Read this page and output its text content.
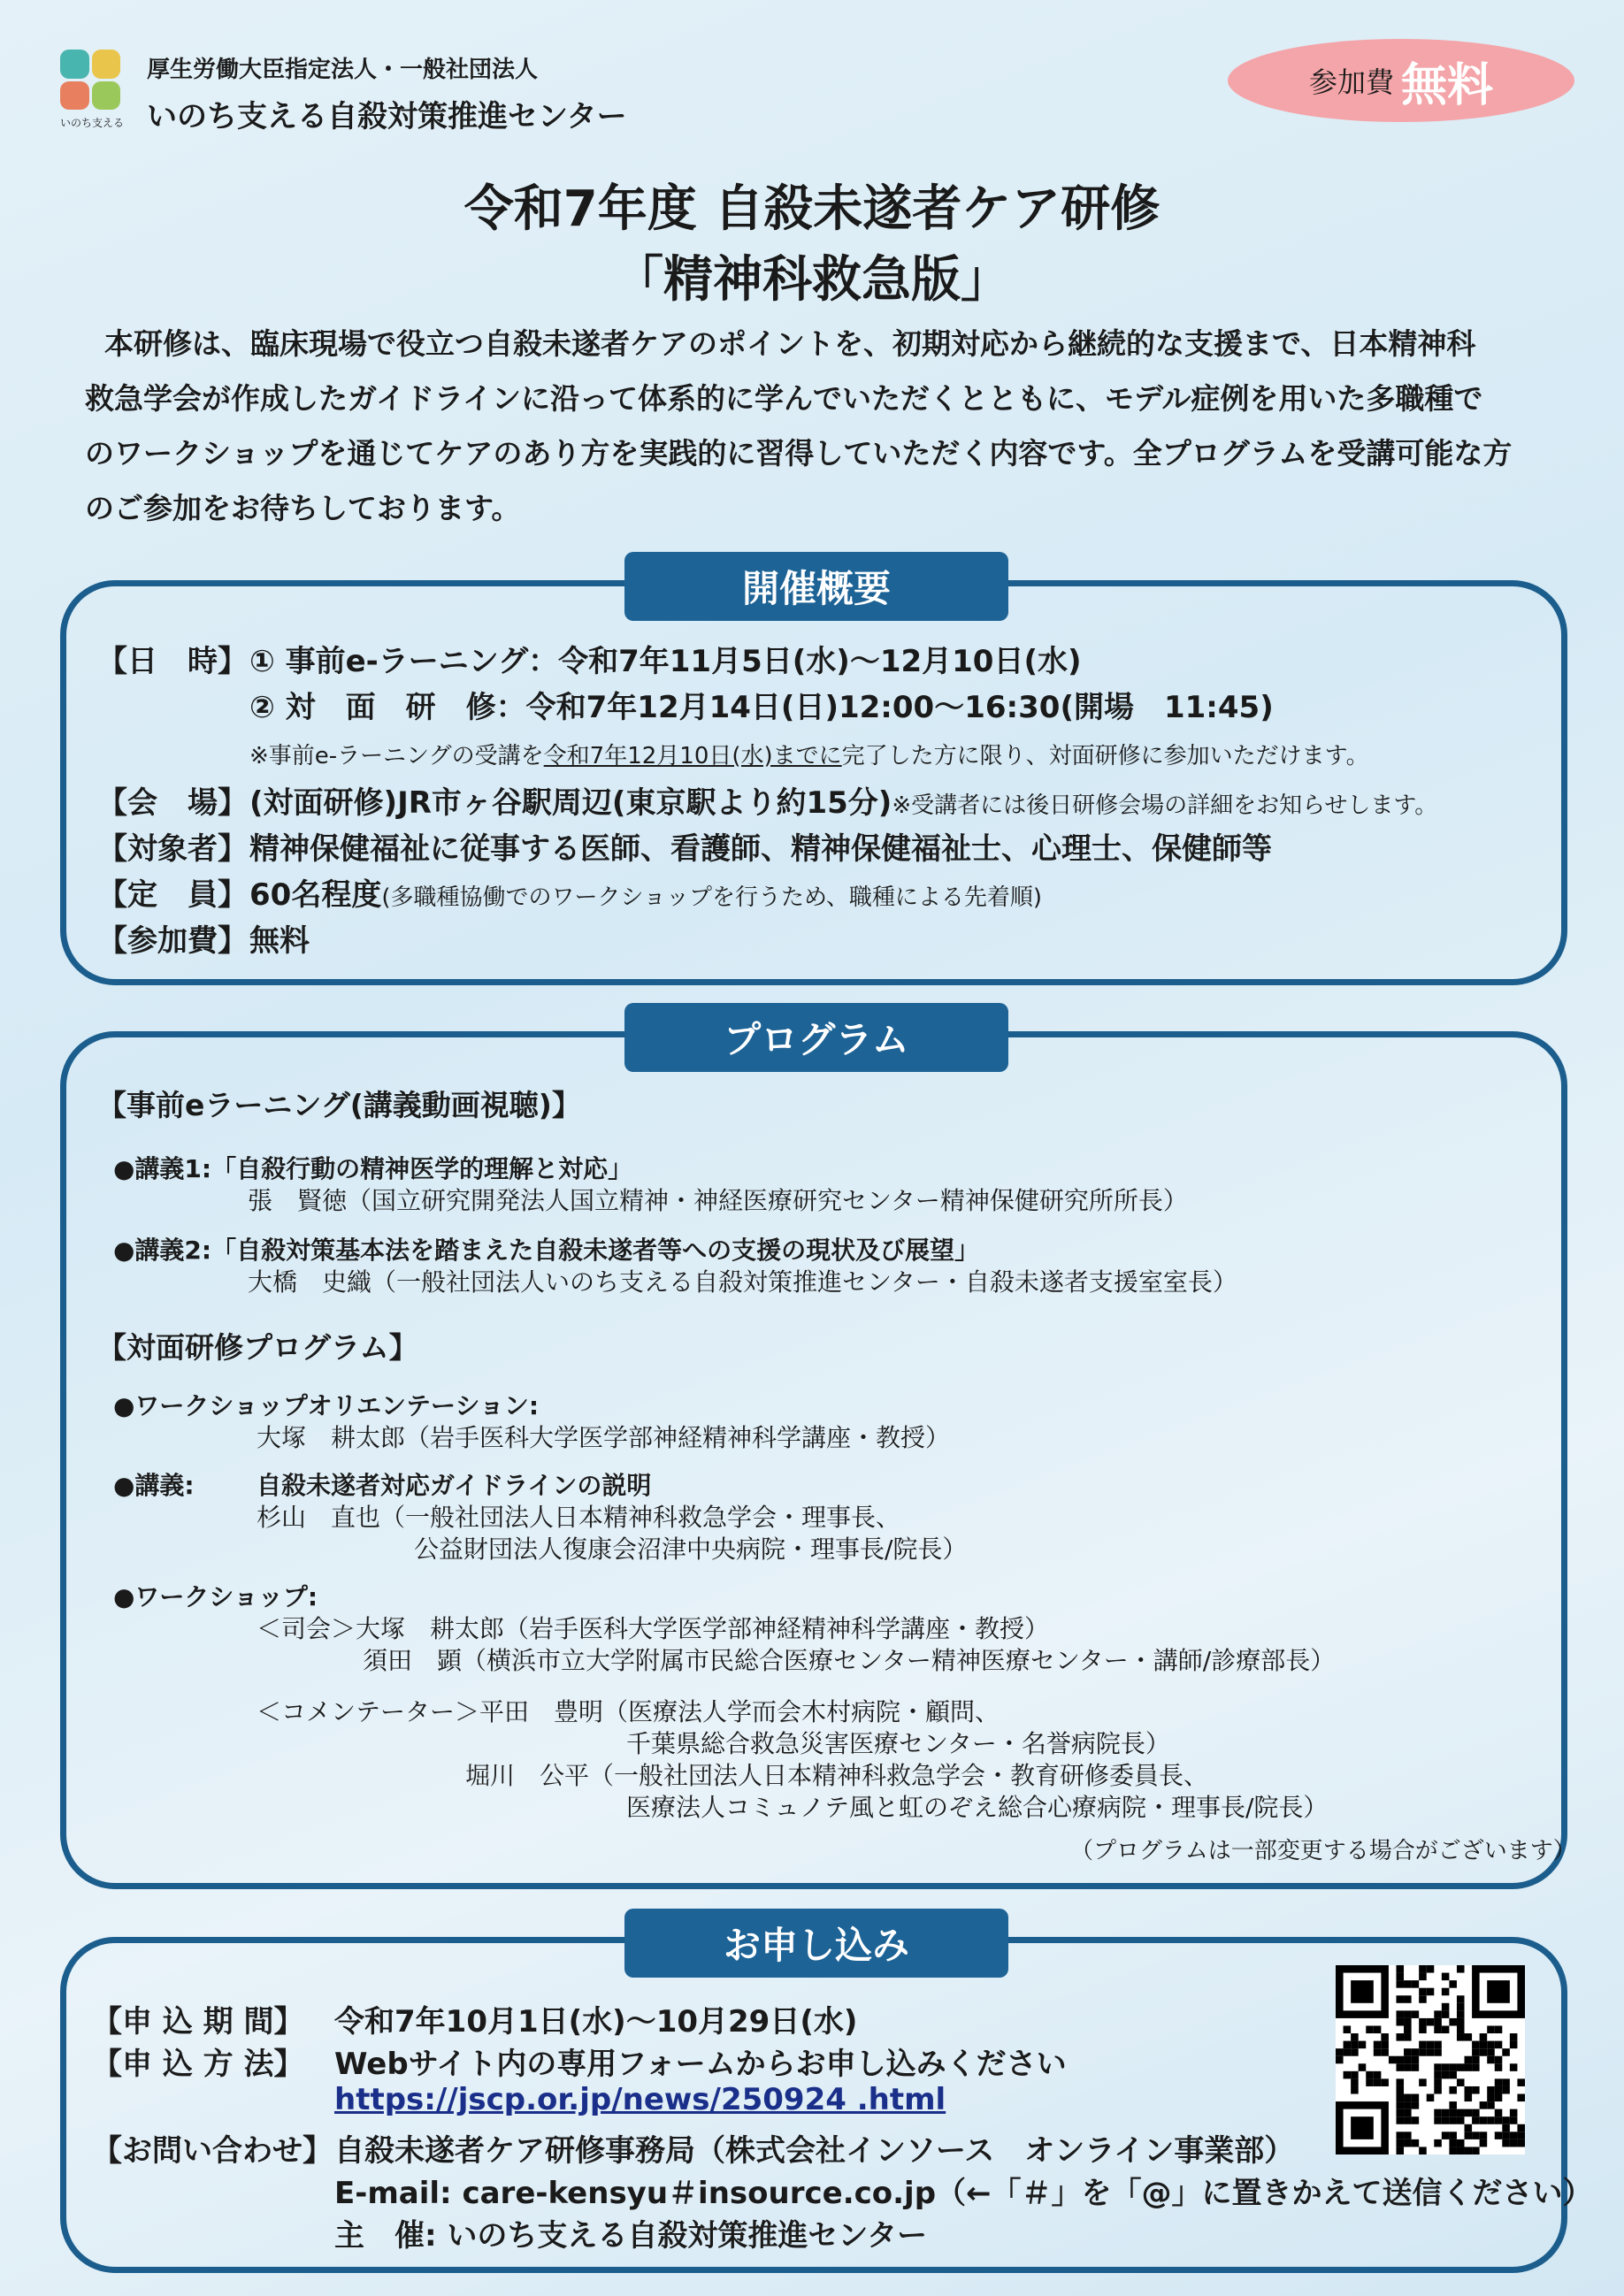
いのち支える
厚生労働大臣指定法人・一般社団法人
いのち支える自殺対策推進センター
参加費 無料
令和7年度 自殺未遂者ケア研修
「精神科救急版」

本研修は、臨床現場で役立つ自殺未遂者ケアのポイントを、初期対応から継続的な支援まで、日本精神科

救急学会が作成したガイドラインに沿って体系的に学んでいただくとともに、モデル症例を用いた多職種で

のワークショップを通じてケアのあり方を実践的に習得していただく内容です。全プログラムを受講可能な方

のご参加をお待ちしております。

開催概要
【日　時】 ① 事前e-ラーニング：令和7年11月5日(水)〜12月10日(水)
② 対　面　研　修：令和7年12月14日(日)12:00〜16:30(開場　11:45)
※事前e-ラーニングの受講を令和7年12月10日(水)までに完了した方に限り、対面研修に参加いただけます。
【会　場】 (対面研修)JR市ヶ谷駅周辺(東京駅より約15分)※受講者には後日研修会場の詳細をお知らせします。
【対象者】 精神保健福祉に従事する医師、看護師、精神保健福祉士、心理士、保健師等
【定　員】 60名程度(多職種協働でのワークショップを行うため、職種による先着順)
【参加費】 無料
プログラム
【事前eラーニング(講義動画視聴)】
●講義1:「自殺行動の精神医学的理解と対応」
張　賢徳（国立研究開発法人国立精神・神経医療研究センター精神保健研究所所長）
●講義2:「自殺対策基本法を踏まえた自殺未遂者等への支援の現状及び展望」
大橋　史織（一般社団法人いのち支える自殺対策推進センター・自殺未遂者支援室室長）
【対面研修プログラム】
●ワークショップオリエンテーション:
大塚　耕太郎（岩手医科大学医学部神経精神科学講座・教授）
●講義:	自殺未遂者対応ガイドラインの説明
杉山　直也（一般社団法人日本精神科救急学会・理事長、
公益財団法人復康会沼津中央病院・理事長/院長）
●ワークショップ:
＜司会＞大塚　耕太郎（岩手医科大学医学部神経精神科学講座・教授）
須田　顕（横浜市立大学附属市民総合医療センター精神医療センター・講師/診療部長）
＜コメンテーター＞平田　豊明（医療法人学而会木村病院・顧問、
千葉県総合救急災害医療センター・名誉病院長）
堀川　公平（一般社団法人日本精神科救急学会・教育研修委員長、
医療法人コミュノテ風と虹のぞえ総合心療病院・理事長/院長）
（プログラムは一部変更する場合がございます）
お申し込み
【申 込 期 間】 令和7年10月1日(水)〜10月29日(水)
【申 込 方 法】 Webサイト内の専用フォームからお申し込みください
https://jscp.or.jp/news/250924 .html
【お問い合わせ】 自殺未遂者ケア研修事務局（株式会社インソース　オンライン事業部）
E-mail: care-kensyu＃insource.co.jp（←「＃」を「@」に置きかえて送信ください）
主　催: いのち支える自殺対策推進センター
